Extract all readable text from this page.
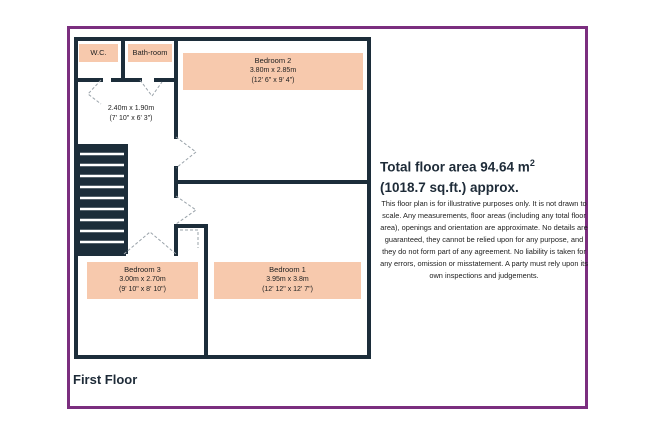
W.C.	Bath-room
Bedroom 2
3.80m x 2.85m
(12' 6" x 9' 4")
2.40m x 1.90m
(7' 10" x 6' 3")
Bedroom 3
3.00m x 2.70m
(9' 10" x 8' 10")
Bedroom 1
3.95m x 3.8m
(12' 12" x 12' 7")
First Floor
Total floor area 94.64 $m^2$
(1018.7 sq.ft.) approx.
This floor plan is for illustrative purposes only. It is not drawn to scale. Any measurements, floor areas (including any total floor area), openings and orientation are approximate. No details are guaranteed, they cannot be relied upon for any purpose, and they do not form part of any agreement. No liability is taken for any errors, omission or misstatement. A party must rely upon its own inspections and judgements.
